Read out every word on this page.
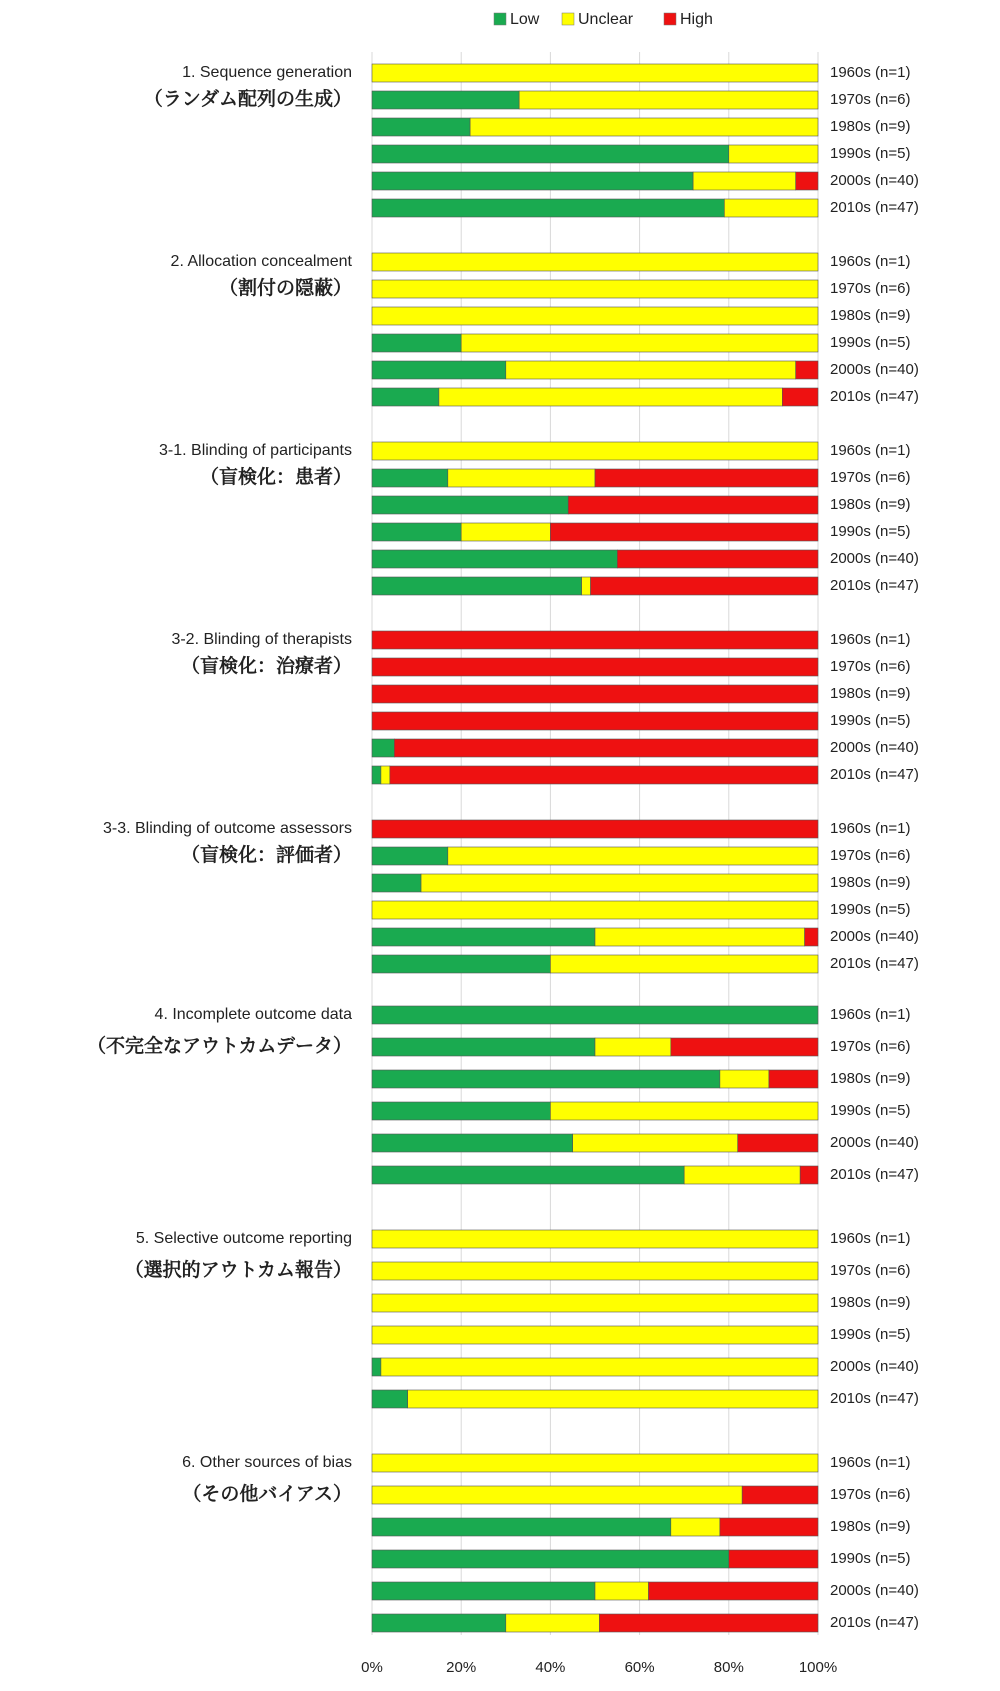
0%	20%	40%	60%	80%	100%
Low Unclear	High
1. Sequence generation
（ランダム配列の生成）
1960s (n=1)
1970s (n=6)
1980s (n=9)
1990s (n=5)
2000s (n=40)
2010s (n=47)
2. Allocation concealment
（割付の隠蔽）
1960s (n=1)
1970s (n=6)
1980s (n=9)
1990s (n=5)
2000s (n=40)
2010s (n=47)
3-1. Blinding of participants
（盲検化：患者）
1960s (n=1)
1970s (n=6)
1980s (n=9)
1990s (n=5)
2000s (n=40)
2010s (n=47)
3-2. Blinding of therapists
（盲検化：治療者）
1960s (n=1)
1970s (n=6)
1980s (n=9)
1990s (n=5)
2000s (n=40)
2010s (n=47)
3-3. Blinding of outcome assessors
（盲検化：評価者）
1960s (n=1)
1970s (n=6)
1980s (n=9)
1990s (n=5)
2000s (n=40)
2010s (n=47)
4. Incomplete outcome data
（不完全なアウトカムデータ）
1960s (n=1)
1970s (n=6)
1980s (n=9)
1990s (n=5)
2000s (n=40)
2010s (n=47)
5. Selective outcome reporting
（選択的アウトカム報告）
1960s (n=1)
1970s (n=6)
1980s (n=9)
1990s (n=5)
2000s (n=40)
2010s (n=47)
6. Other sources of bias
（その他バイアス）
1960s (n=1)
1970s (n=6)
1980s (n=9)
1990s (n=5)
2000s (n=40)
2010s (n=47)
